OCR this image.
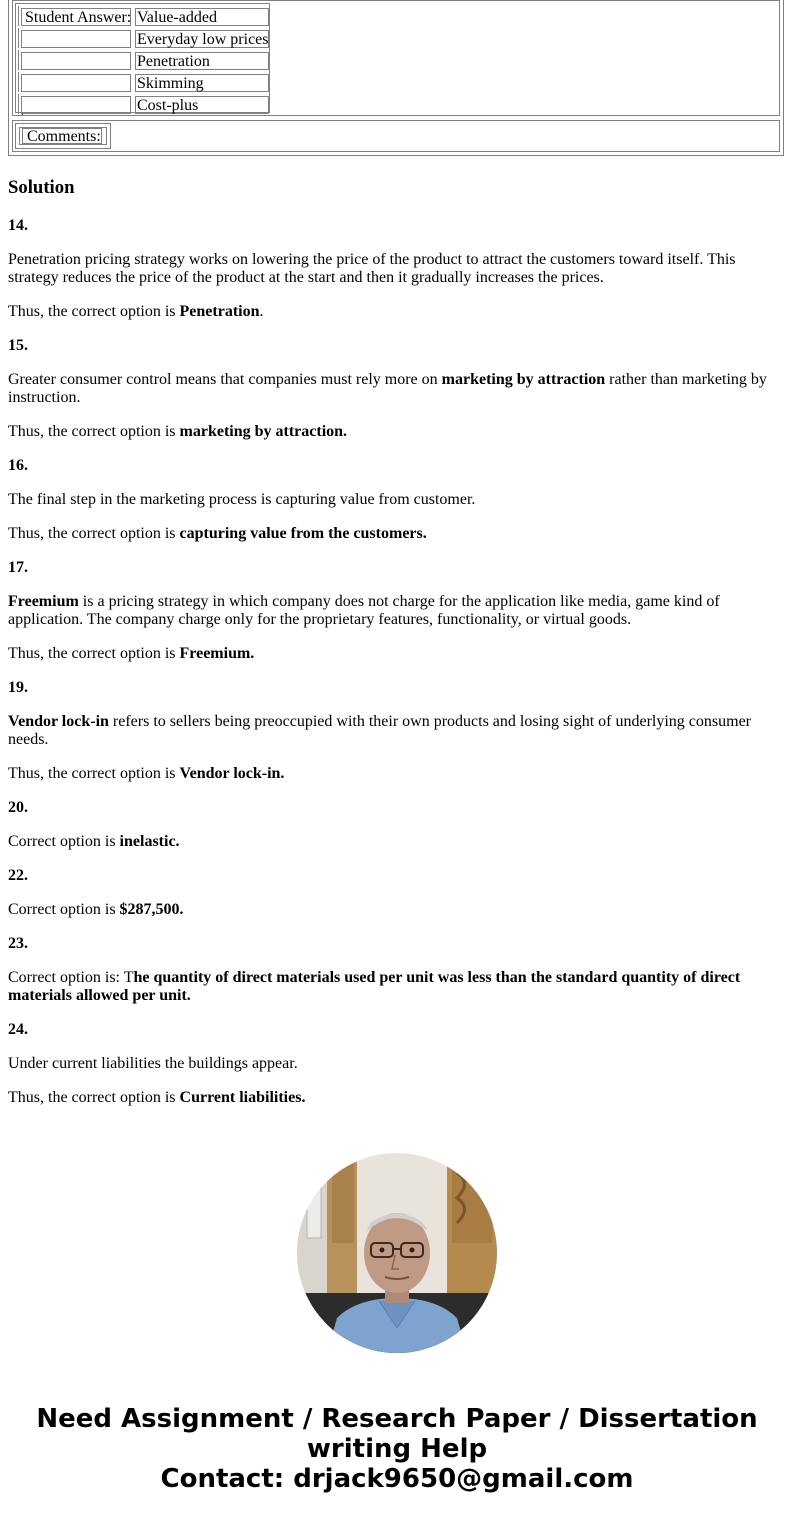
Student Answer: Value-added
Everyday low prices
Penetration
Skimming
Cost-plus
.
Comments:
Solution

14.

Penetration pricing strategy works on lowering the price of the product to attract the customers toward itself. This strategy reduces the price of the product at the start and then it gradually increases the prices.

Thus, the correct option is Penetration.

15.

Greater consumer control means that companies must rely more on marketing by attraction rather than marketing by instruction.

Thus, the correct option is marketing by attraction.

16.

The final step in the marketing process is capturing value from customer.

Thus, the correct option is capturing value from the customers.

17.

Freemium is a pricing strategy in which company does not charge for the application like media, game kind of application. The company charge only for the proprietary features, functionality, or virtual goods.

Thus, the correct option is Freemium.

19.

Vendor lock-in refers to sellers being preoccupied with their own products and losing sight of underlying consumer needs.

Thus, the correct option is Vendor lock-in.

20.

Correct option is inelastic.

22.

Correct option is $287,500.

23.

Correct option is: The quantity of direct materials used per unit was less than the standard quantity of direct materials allowed per unit.

24.

Under current liabilities the buildings appear.

Thus, the correct option is Current liabilities.

Need Assignment / Research Paper / Dissertation writing Help
Contact: drjack9650@gmail.com
